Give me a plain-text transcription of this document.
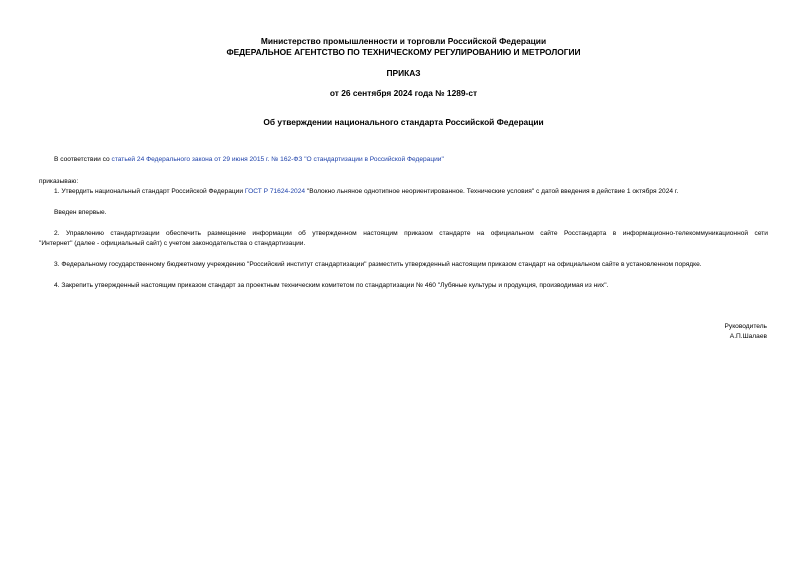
Министерство промышленности и торговли Российской Федерации
ФЕДЕРАЛЬНОЕ АГЕНТСТВО ПО ТЕХНИЧЕСКОМУ РЕГУЛИРОВАНИЮ И МЕТРОЛОГИИ
ПРИКАЗ
от 26 сентября 2024 года № 1289-ст
Об утверждении национального стандарта Российской Федерации
В соответствии со статьей 24 Федерального закона от 29 июня 2015 г. № 162-ФЗ "О стандартизации в Российской Федерации"
приказываю:
1. Утвердить национальный стандарт Российской Федерации ГОСТ Р 71624-2024 "Волокно льняное однотипное неориентированное. Технические условия" с датой введения в действие 1 октября 2024 г.
Введен впервые.
2. Управлению стандартизации обеспечить размещение информации об утвержденном настоящим приказом стандарте на официальном сайте Росстандарта в информационно-телекоммуникационной сети
"Интернет" (далее - официальный сайт) с учетом законодательства о стандартизации.
3. Федеральному государственному бюджетному учреждению "Российский институт стандартизации" разместить утвержденный настоящим приказом стандарт на официальном сайте в установленном порядке.
4. Закрепить утвержденный настоящим приказом стандарт за проектным техническим комитетом по стандартизации № 460 "Лубяные культуры и продукция, производимая из них".
Руководитель
А.П.Шалаев
